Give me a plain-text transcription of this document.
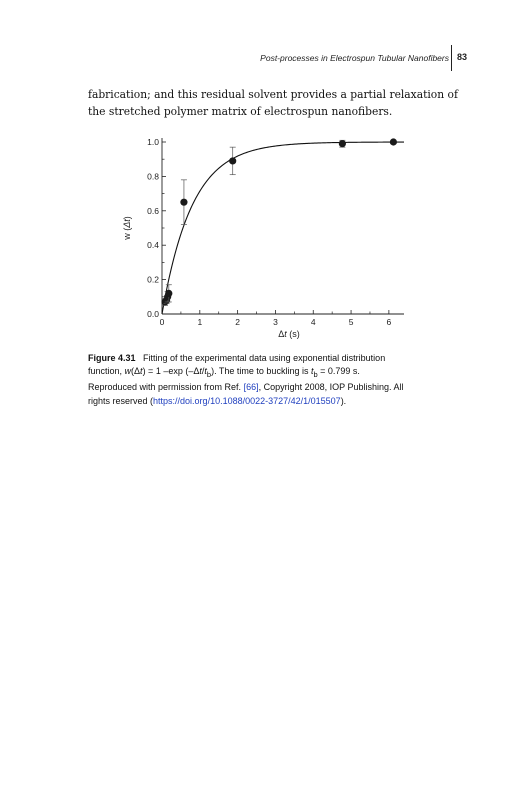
Post-processes in Electrospun Tubular Nanofibers 83
fabrication; and this residual solvent provides a partial relaxation of
the stretched polymer matrix of electrospun nanofibers.
0.0
0.2
0.4
0.6
0.8
1.0
0	1	2	3	4	5	6
w (Δt)
Δt (s)
Figure 4.31 Fitting of the experimental data using exponential distribution
function, w(Δt) = 1 –exp $(-\Delta t/t_b)$. The time to buckling is $t_b = 0.799$ s.
Reproduced with permission from Ref. [66], Copyright 2008, IOP Publishing. All
rights reserved (https://doi.org/10.1088/0022-3727/42/1/015507).
